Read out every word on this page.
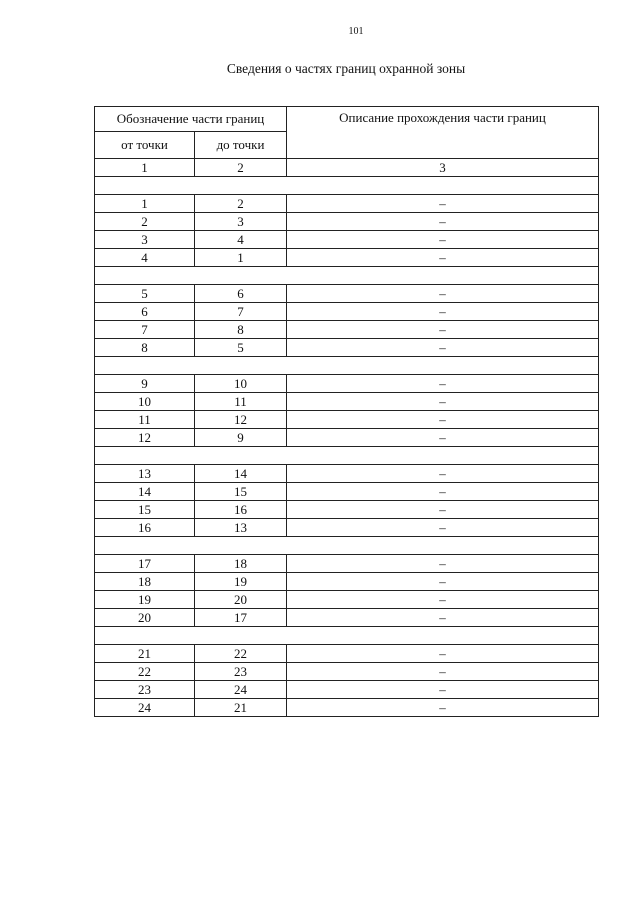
101
Сведения о частях границ охранной зоны
Обозначение части границ		Описание прохождения части границ
от точки	до точки	
1	2	3

1	2	–
2	3	–
3	4	–
4	1	–

5	6	–
6	7	–
7	8	–
8	5	–

9	10	–
10	11	–
11	12	–
12	9	–

13	14	–
14	15	–
15	16	–
16	13	–

17	18	–
18	19	–
19	20	–
20	17	–

21	22	–
22	23	–
23	24	–
24	21	–
